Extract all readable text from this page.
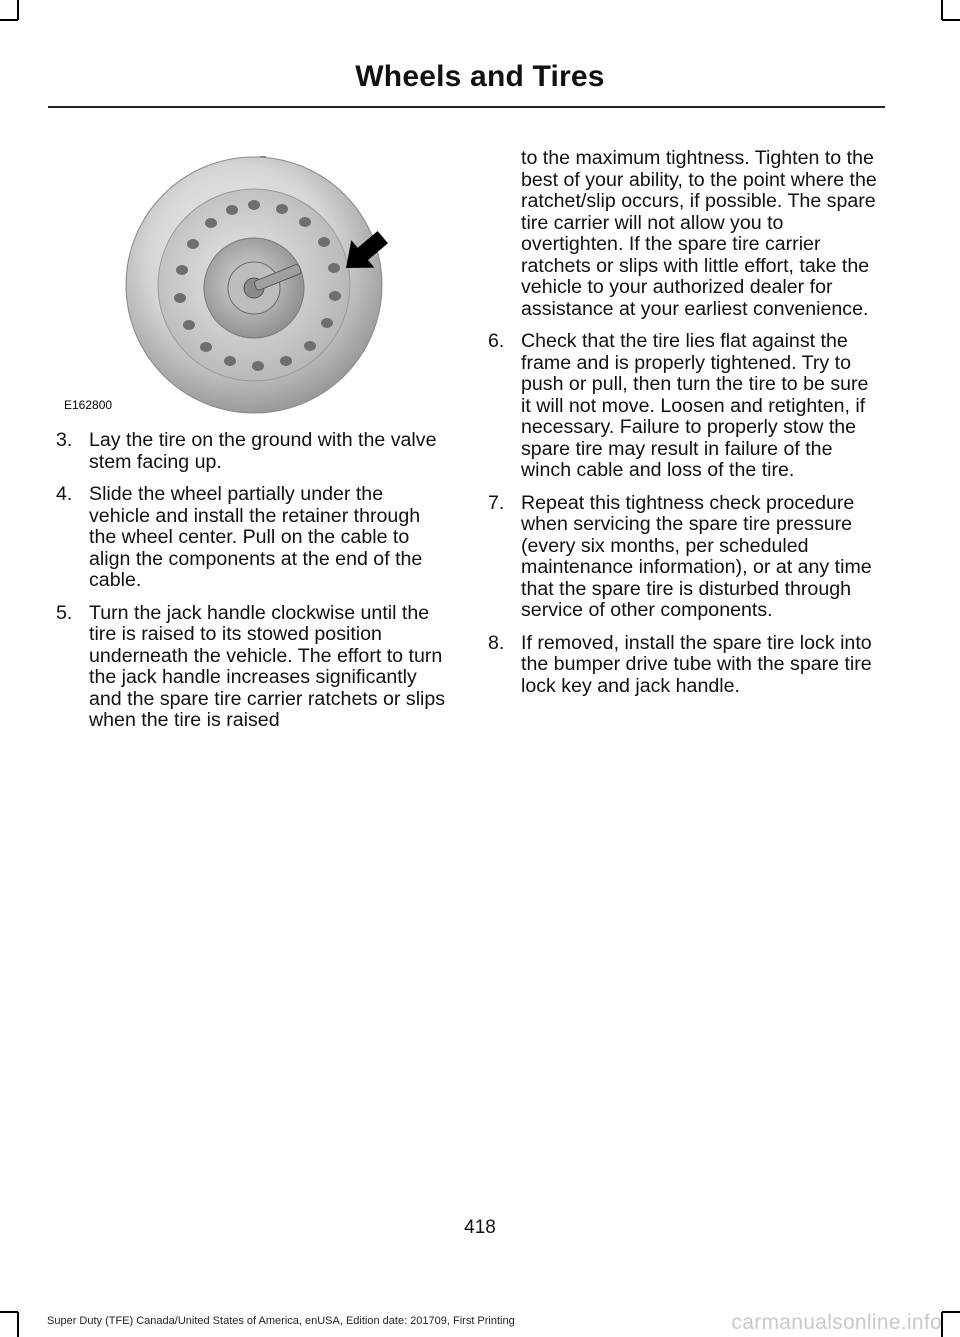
Wheels and Tires
E162800
3. Lay the tire on the ground with the valve stem facing up.
4. Slide the wheel partially under the vehicle and install the retainer through the wheel center. Pull on the cable to align the components at the end of the cable.
5. Turn the jack handle clockwise until the tire is raised to its stowed position underneath the vehicle. The effort to turn the jack handle increases significantly and the spare tire carrier ratchets or slips when the tire is raised
to the maximum tightness. Tighten to the best of your ability, to the point where the ratchet/slip occurs, if possible. The spare tire carrier will not allow you to overtighten. If the spare tire carrier ratchets or slips with little effort, take the vehicle to your authorized dealer for assistance at your earliest convenience.
6. Check that the tire lies flat against the frame and is properly tightened. Try to push or pull, then turn the tire to be sure it will not move. Loosen and retighten, if necessary. Failure to properly stow the spare tire may result in failure of the winch cable and loss of the tire.
7. Repeat this tightness check procedure when servicing the spare tire pressure (every six months, per scheduled maintenance information), or at any time that the spare tire is disturbed through service of other components.
8. If removed, install the spare tire lock into the bumper drive tube with the spare tire lock key and jack handle.
418
Super Duty (TFE) Canada/United States of America, enUSA, Edition date: 201709, First Printing	carmanualsonline.info
